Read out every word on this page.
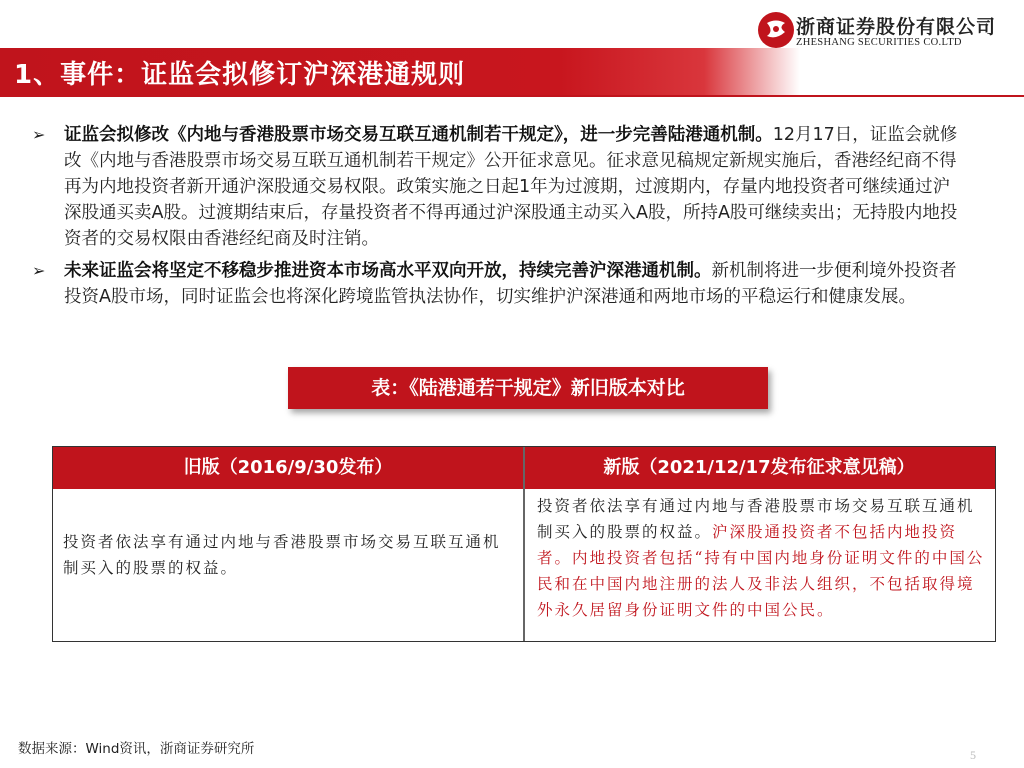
浙商证券股份有限公司
ZHESHANG SECURITIES CO.LTD
1、事件：证监会拟修订沪深港通规则
➢ 证监会拟修改《内地与香港股票市场交易互联互通机制若干规定》，进一步完善陆港通机制。12月17日，证监会就修改《内地与香港股票市场交易互联互通机制若干规定》公开征求意见。征求意见稿规定新规实施后，香港经纪商不得再为内地投资者新开通沪深股通交易权限。政策实施之日起1年为过渡期，过渡期内，存量内地投资者可继续通过沪深股通买卖A股。过渡期结束后，存量投资者不得再通过沪深股通主动买入A股，所持A股可继续卖出；无持股内地投资者的交易权限由香港经纪商及时注销。
➢ 未来证监会将坚定不移稳步推进资本市场高水平双向开放，持续完善沪深港通机制。新机制将进一步便利境外投资者投资A股市场，同时证监会也将深化跨境监管执法协作，切实维护沪深港通和两地市场的平稳运行和健康发展。
表：《陆港通若干规定》新旧版本对比
旧版（2016/9/30发布）	新版（2021/12/17发布征求意见稿）
投资者依法享有通过内地与香港股票市场交易互联互通机制买入的股票的权益。
投资者依法享有通过内地与香港股票市场交易互联互通机制买入的股票的权益。沪深股通投资者不包括内地投资者。内地投资者包括“持有中国内地身份证明文件的中国公民和在中国内地注册的法人及非法人组织，不包括取得境外永久居留身份证明文件的中国公民。
数据来源：Wind资讯，浙商证券研究所	5
